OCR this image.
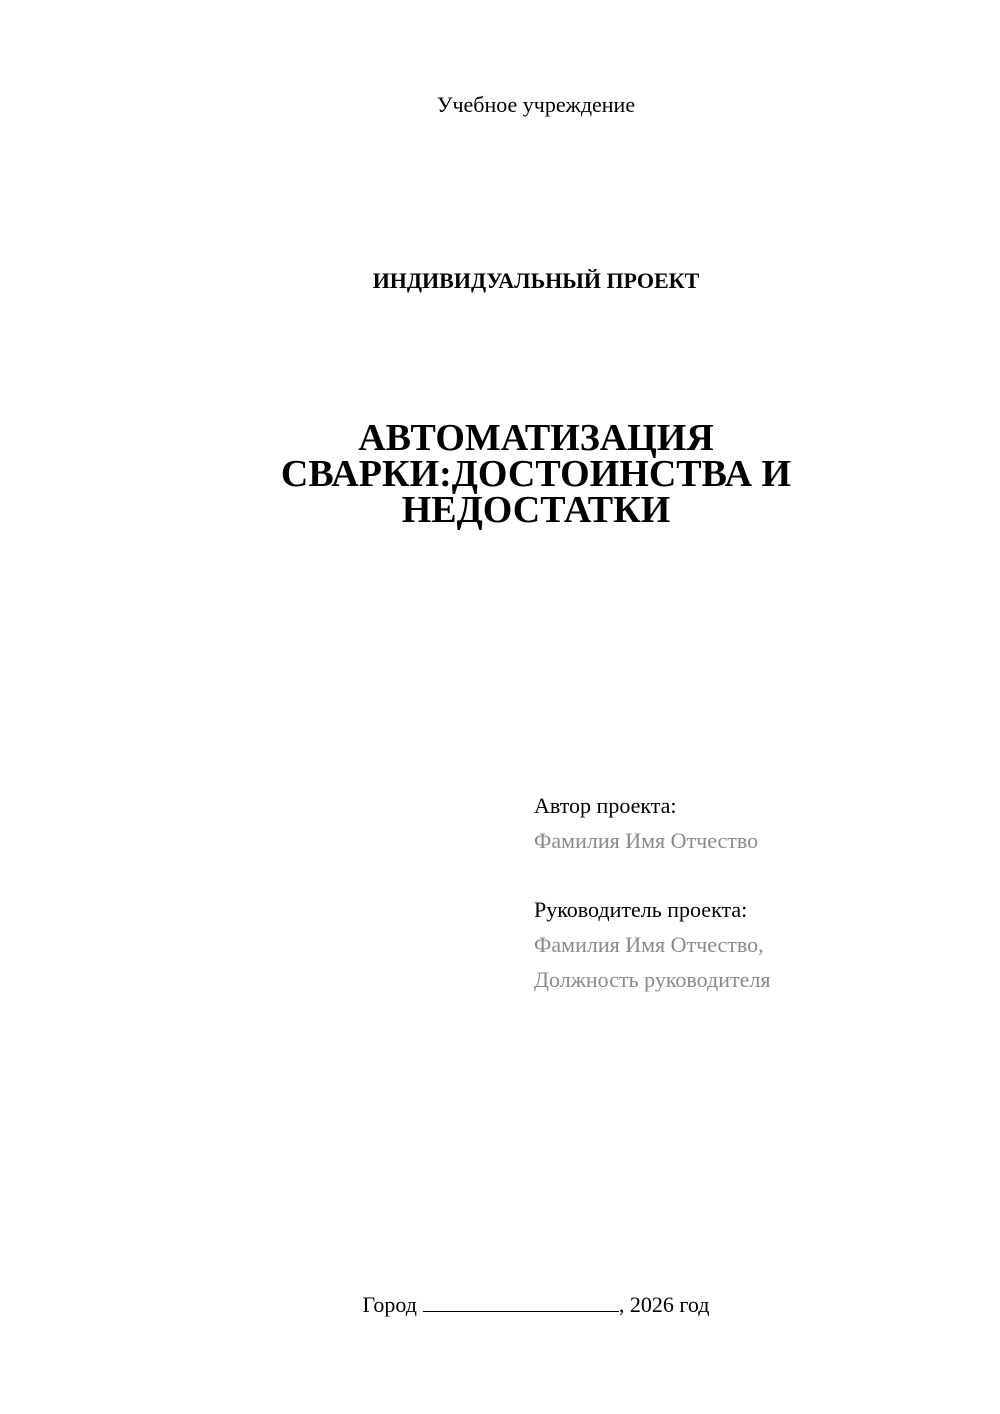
Учебное учреждение
ИНДИВИДУАЛЬНЫЙ ПРОЕКТ
АВТОМАТИЗАЦИЯ
СВАРКИ:ДОСТОИНСТВА И
НЕДОСТАТКИ
Автор проекта:
Фамилия Имя Отчество
Руководитель проекта:
Фамилия Имя Отчество,
Должность руководителя
Город	, 2026 год
